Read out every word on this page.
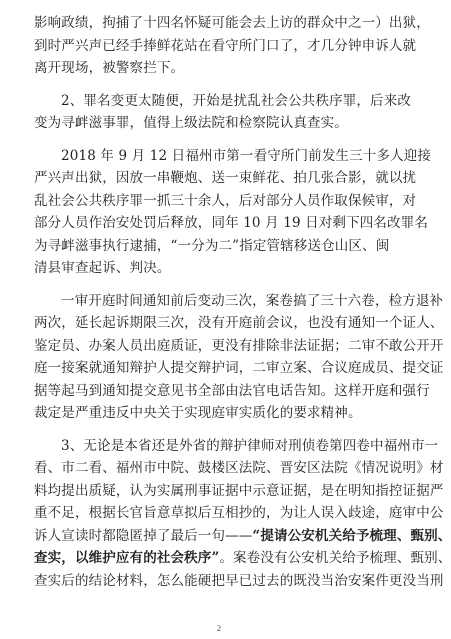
影响政绩，拘捕了十四名怀疑可能会去上访的群众中之一）出狱，
到时严兴声已经手捧鲜花站在看守所门口了，才几分钟申诉人就
离开现场，被警察拦下。
2、罪名变更太随便，开始是扰乱社会公共秩序罪，后来改
变为寻衅滋事罪，值得上级法院和检察院认真查实。
2018 年 9 月 12 日福州市第一看守所门前发生三十多人迎接
严兴声出狱，因放一串鞭炮、送一束鲜花、拍几张合影，就以扰
乱社会公共秩序罪一抓三十余人，后对部分人员作取保候审，对
部分人员作治安处罚后释放，同年 10 月 19 日对剩下四名改罪名
为寻衅滋事执行逮捕，“一分为二”指定管辖移送仓山区、闽
清县审查起诉、判决。
一审开庭时间通知前后变动三次，案卷搞了三十六卷，检方退补
两次，延长起诉期限三次，没有开庭前会议，也没有通知一个证人、
鉴定员、办案人员出庭质证，更没有排除非法证据；二审不敢公开开
庭一接案就通知辩护人提交辩护词，二审立案、合议庭成员、提交证
据等起马到通知提交意见书全部由法官电话告知。这样开庭和强行
裁定是严重违反中央关于实现庭审实质化的要求精神。
3、无论是本省还是外省的辩护律师对刑侦卷第四卷中福州市一
看、市二看、福州市中院、鼓楼区法院、晋安区法院《情况说明》材
料均提出质疑，认为实属刑事证据中示意证据，是在明知指控证据严
重不足，根据长官旨意草拟后互相抄的，为让人误入歧途，庭审中公
诉人宣读时都隐匿掉了最后一句——“提请公安机关给予梳理、甄别、
查实，以维护应有的社会秩序”。案卷没有公安机关给予梳理、甄别、
查实后的结论材料，怎么能硬把早已过去的既没当治安案件更没当刑
2
